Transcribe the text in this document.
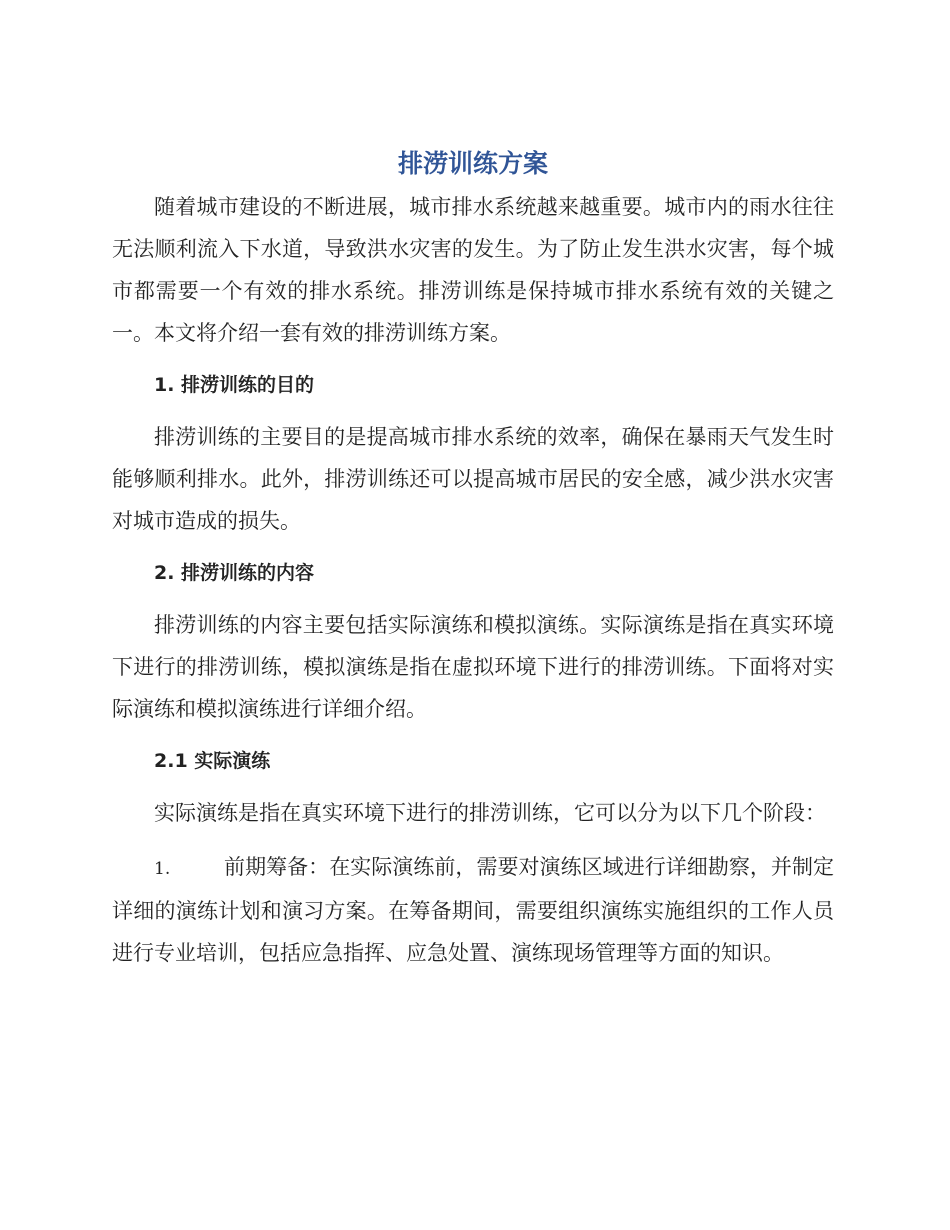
排涝训练方案

随着城市建设的不断进展，城市排水系统越来越重要。城市内的雨水往往无法顺利流入下水道，导致洪水灾害的发生。为了防止发生洪水灾害，每个城市都需要一个有效的排水系统。排涝训练是保持城市排水系统有效的关键之一。本文将介绍一套有效的排涝训练方案。

1. 排涝训练的目的

排涝训练的主要目的是提高城市排水系统的效率，确保在暴雨天气发生时能够顺利排水。此外，排涝训练还可以提高城市居民的安全感，减少洪水灾害对城市造成的损失。

2. 排涝训练的内容

排涝训练的内容主要包括实际演练和模拟演练。实际演练是指在真实环境下进行的排涝训练，模拟演练是指在虚拟环境下进行的排涝训练。下面将对实际演练和模拟演练进行详细介绍。

2.1 实际演练

实际演练是指在真实环境下进行的排涝训练，它可以分为以下几个阶段：

1.	前期筹备：在实际演练前，需要对演练区域进行详细勘察，并制定详细的演练计划和演习方案。在筹备期间，需要组织演练实施组织的工作人员进行专业培训，包括应急指挥、应急处置、演练现场管理等方面的知识。
